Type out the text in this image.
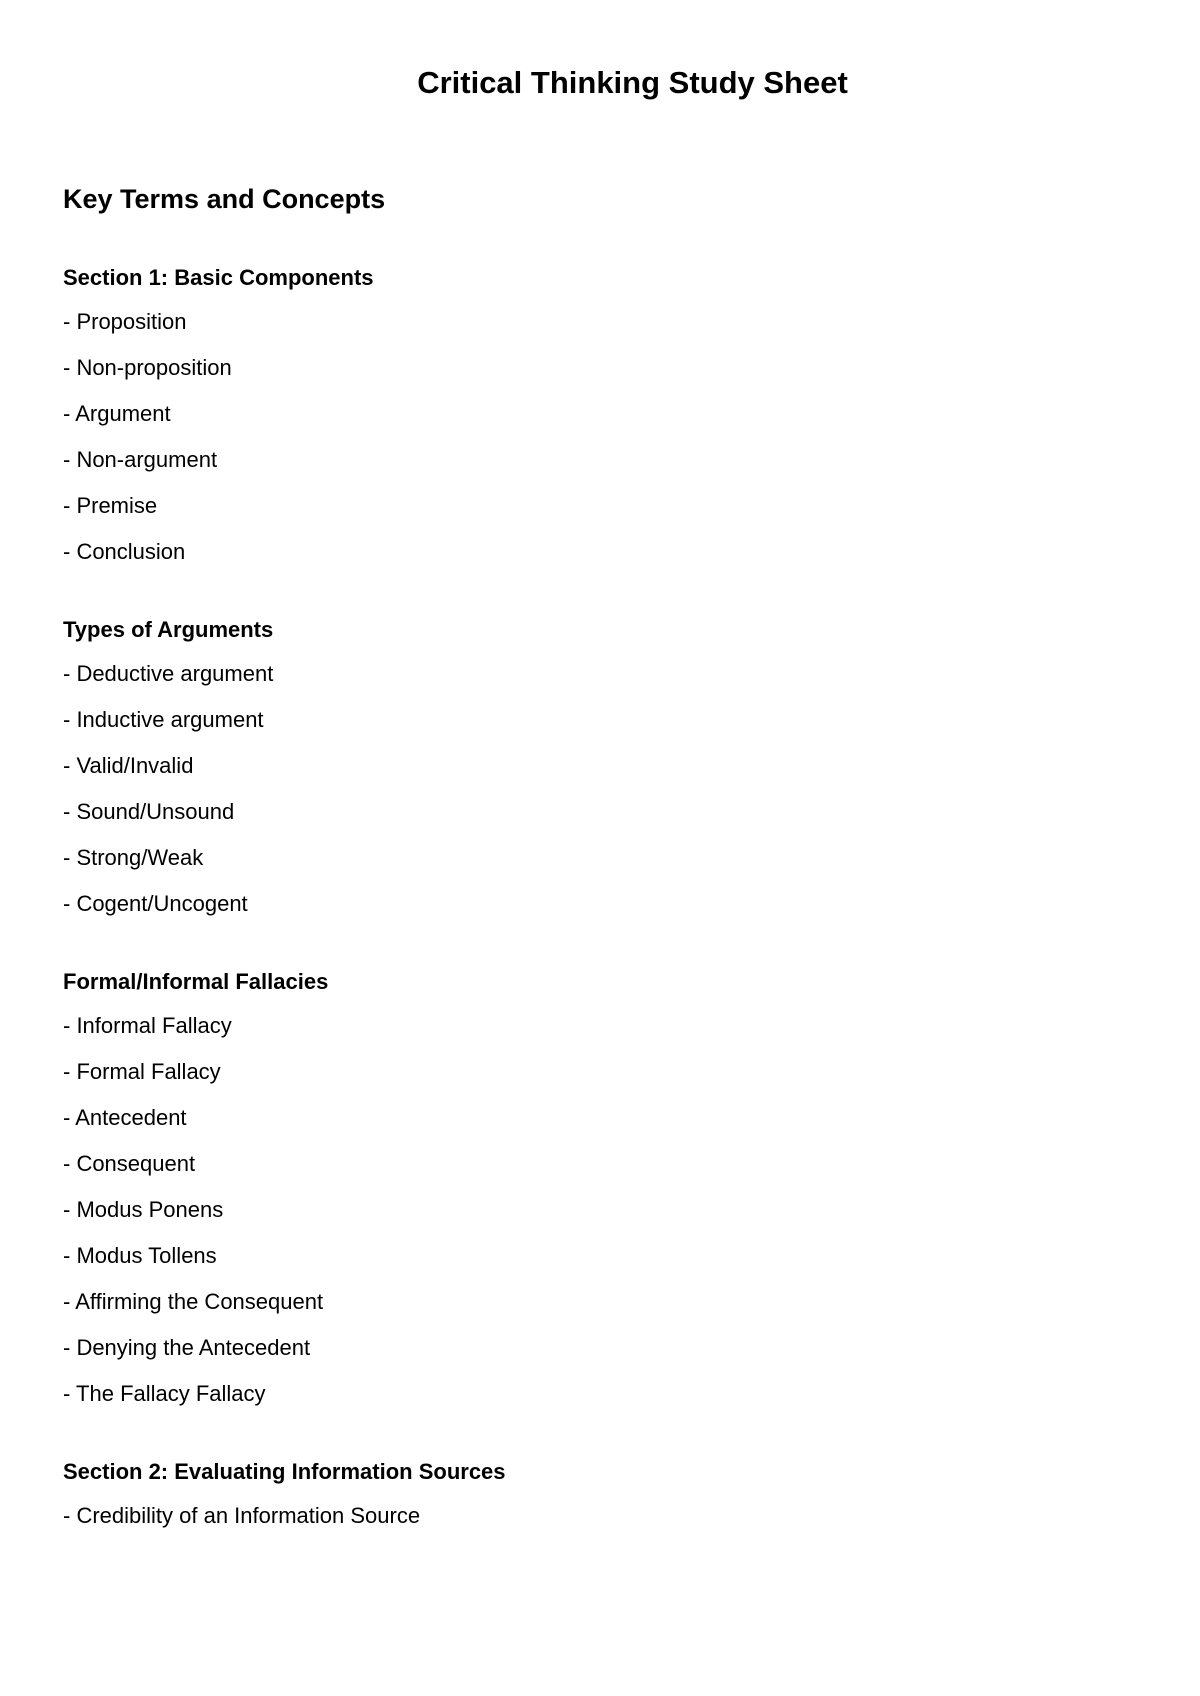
Critical Thinking Study Sheet
Key Terms and Concepts
Section 1: Basic Components
- Proposition
- Non-proposition
- Argument
- Non-argument
- Premise
- Conclusion
Types of Arguments
- Deductive argument
- Inductive argument
- Valid/Invalid
- Sound/Unsound
- Strong/Weak
- Cogent/Uncogent
Formal/Informal Fallacies
- Informal Fallacy
- Formal Fallacy
- Antecedent
- Consequent
- Modus Ponens
- Modus Tollens
- Affirming the Consequent
- Denying the Antecedent
- The Fallacy Fallacy
Section 2: Evaluating Information Sources
- Credibility of an Information Source
